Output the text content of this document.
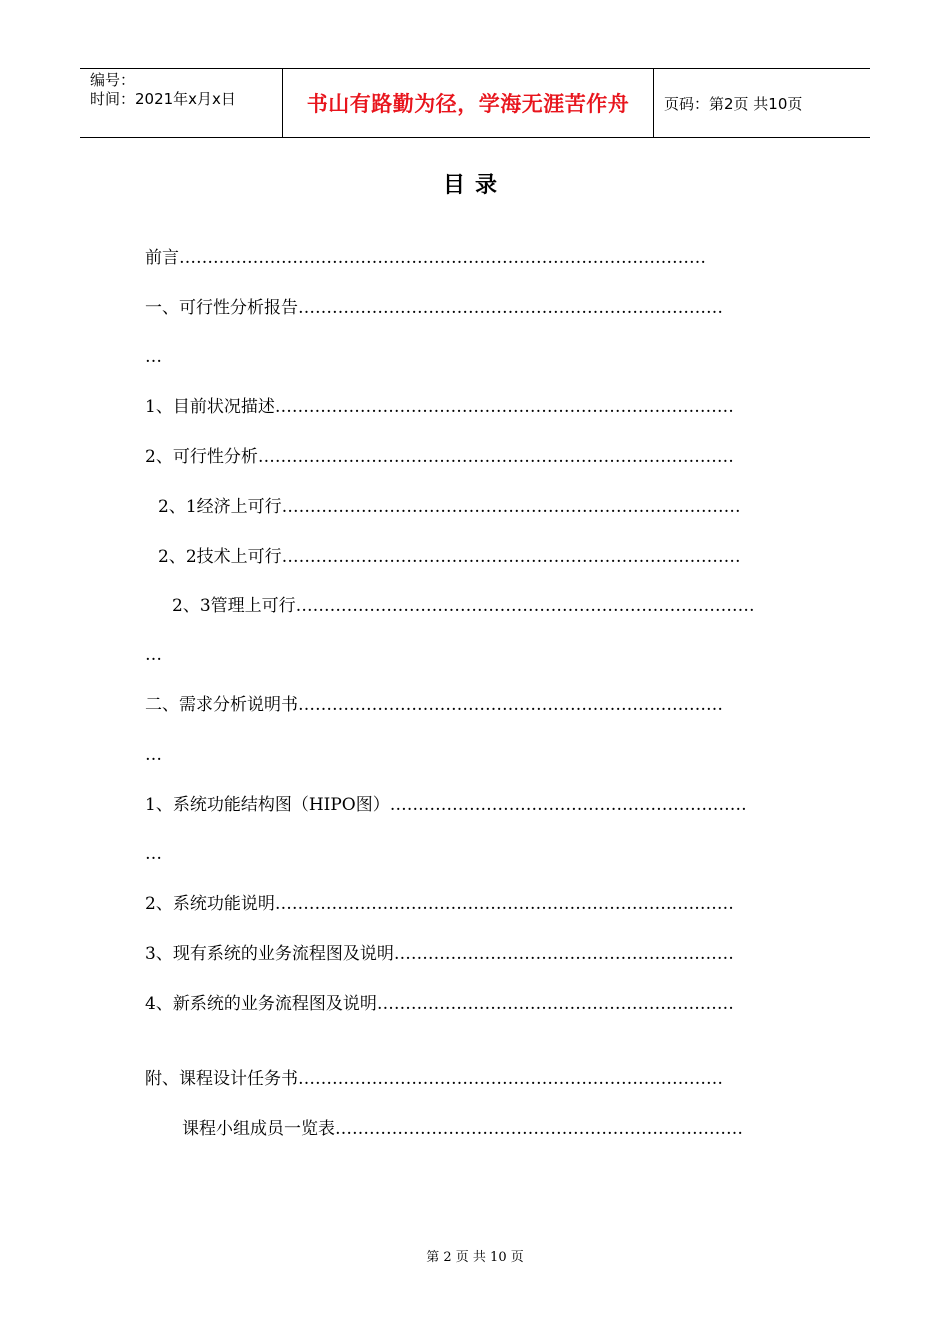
编号：
时间：2021年x月x日	书山有路勤为径，学海无涯苦作舟 页码：第2页 共10页
目录
前言…………………………………………………………………………………
一、可行性分析报告…………………………………………………………………
…
1、目前状况描述………………………………………………………………………
2、可行性分析…………………………………………………………………………
2、1经济上可行………………………………………………………………………
2、2技术上可行………………………………………………………………………
2、3管理上可行………………………………………………………………………
…
二、需求分析说明书…………………………………………………………………
…
1、系统功能结构图（HIPO图）………………………………………………………
…
2、系统功能说明………………………………………………………………………
3、现有系统的业务流程图及说明……………………………………………………
4、新系统的业务流程图及说明………………………………………………………
附、课程设计任务书…………………………………………………………………
课程小组成员一览表………………………………………………………………
第 2 页 共 10 页
